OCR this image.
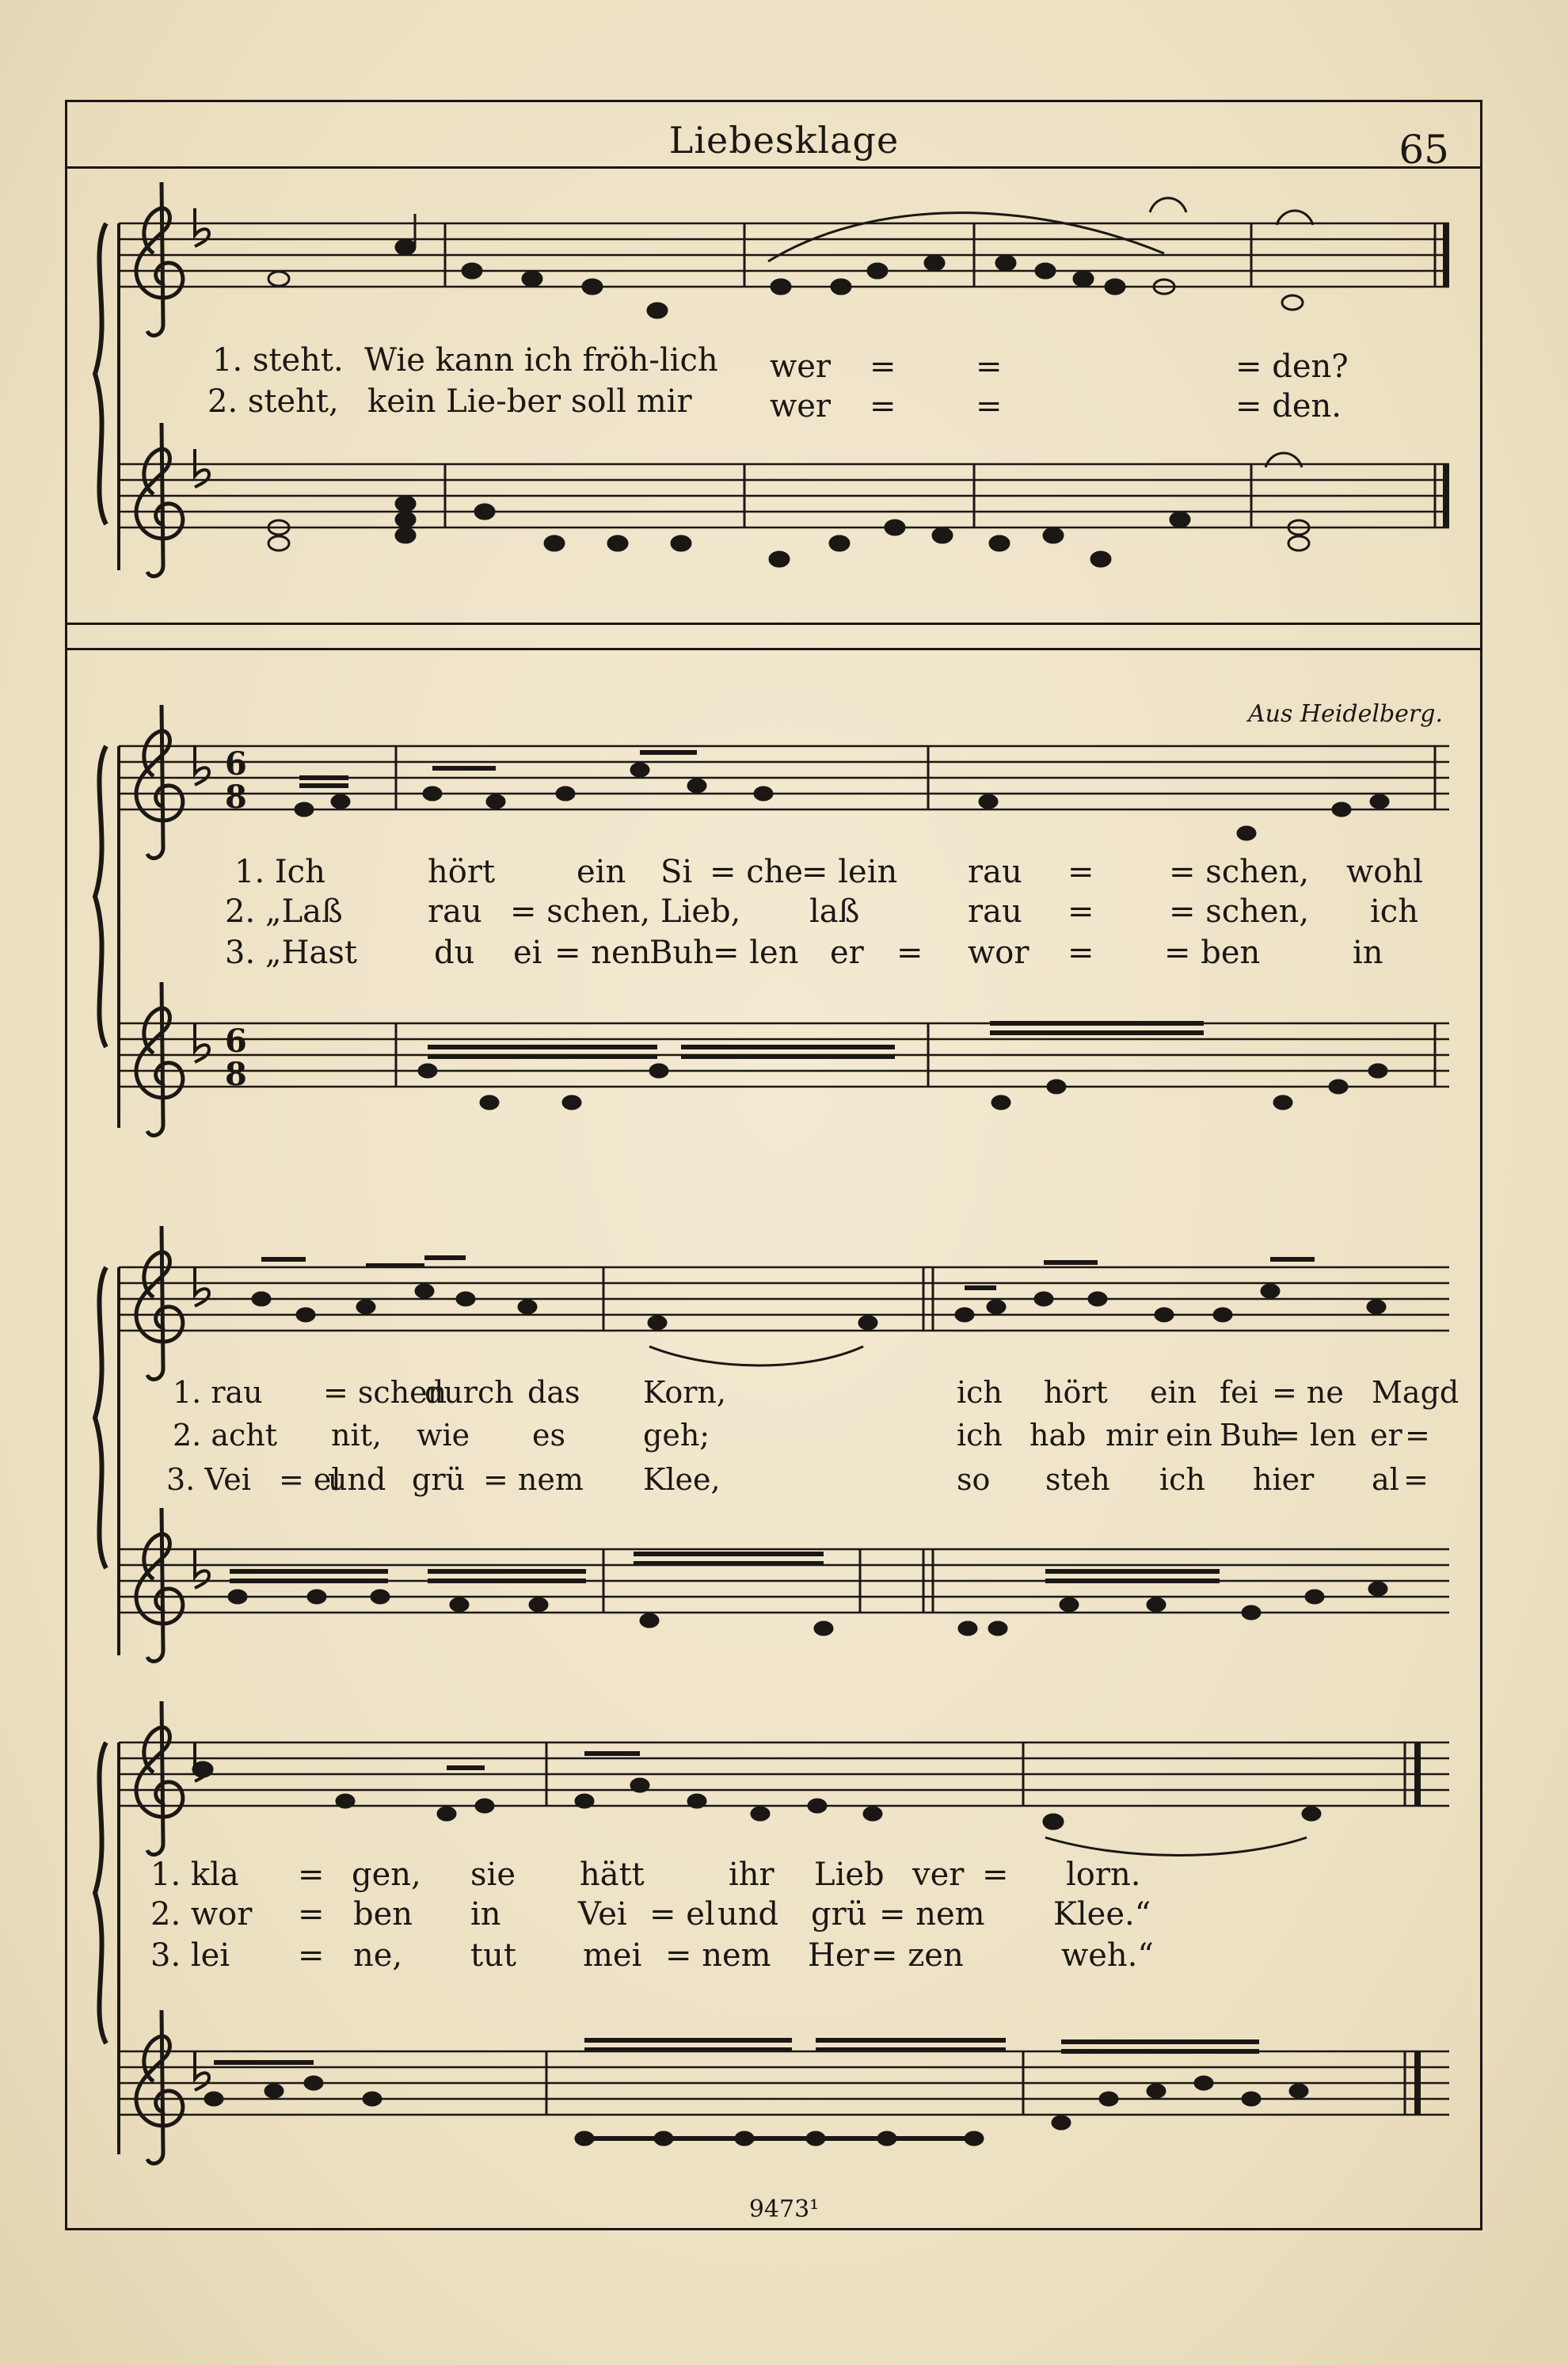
Liebesklage	65
Aus Heidelberg.
9473¹
6
8
6
8
1. steht. Wie kann ich fröh-lich wer =	=	= den?
2. steht, kein Lie-ber soll mir wer =	=	= den.
1. Ich	hört	ein Si = che
= lein rau = = schen, wohl
2. „Laß	rau = schen, Lieb, laß	rau = = schen, ich
3. „Hast du ei = nen
Buh = len er = wor = = ben	in
1. rau = schen
durch das Korn,	ich hört ein fei = ne Magd
2. acht nit, wie es	geh;	ich hab mir ein Buh
= len er =
3. Vei = el
und grü = nem Klee,	so steh ich hier al =
1. kla = gen, sie hätt	ihr Lieb ver = lorn.
2. wor = ben in Vei = el und grü = nem Klee.“
3. lei = ne, tut mei = nem Her = zen	weh.“
